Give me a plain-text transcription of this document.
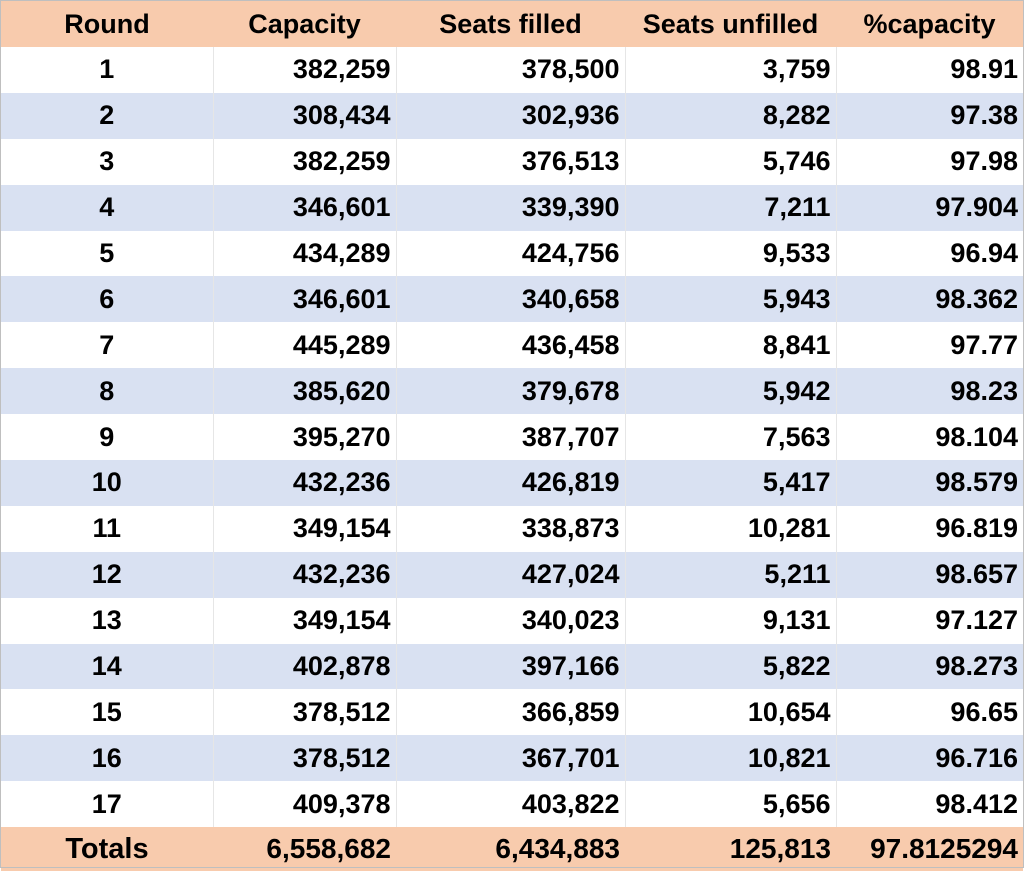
Round	Capacity	Seats filled	Seats unfilled	%capacity
1	382,259	378,500	3,759	98.91
2	308,434	302,936	8,282	97.38
3	382,259	376,513	5,746	97.98
4	346,601	339,390	7,211	97.904
5	434,289	424,756	9,533	96.94
6	346,601	340,658	5,943	98.362
7	445,289	436,458	8,841	97.77
8	385,620	379,678	5,942	98.23
9	395,270	387,707	7,563	98.104
10	432,236	426,819	5,417	98.579
11	349,154	338,873	10,281	96.819
12	432,236	427,024	5,211	98.657
13	349,154	340,023	9,131	97.127
14	402,878	397,166	5,822	98.273
15	378,512	366,859	10,654	96.65
16	378,512	367,701	10,821	96.716
17	409,378	403,822	5,656	98.412
Totals	6,558,682	6,434,883	125,813	97.8125294
